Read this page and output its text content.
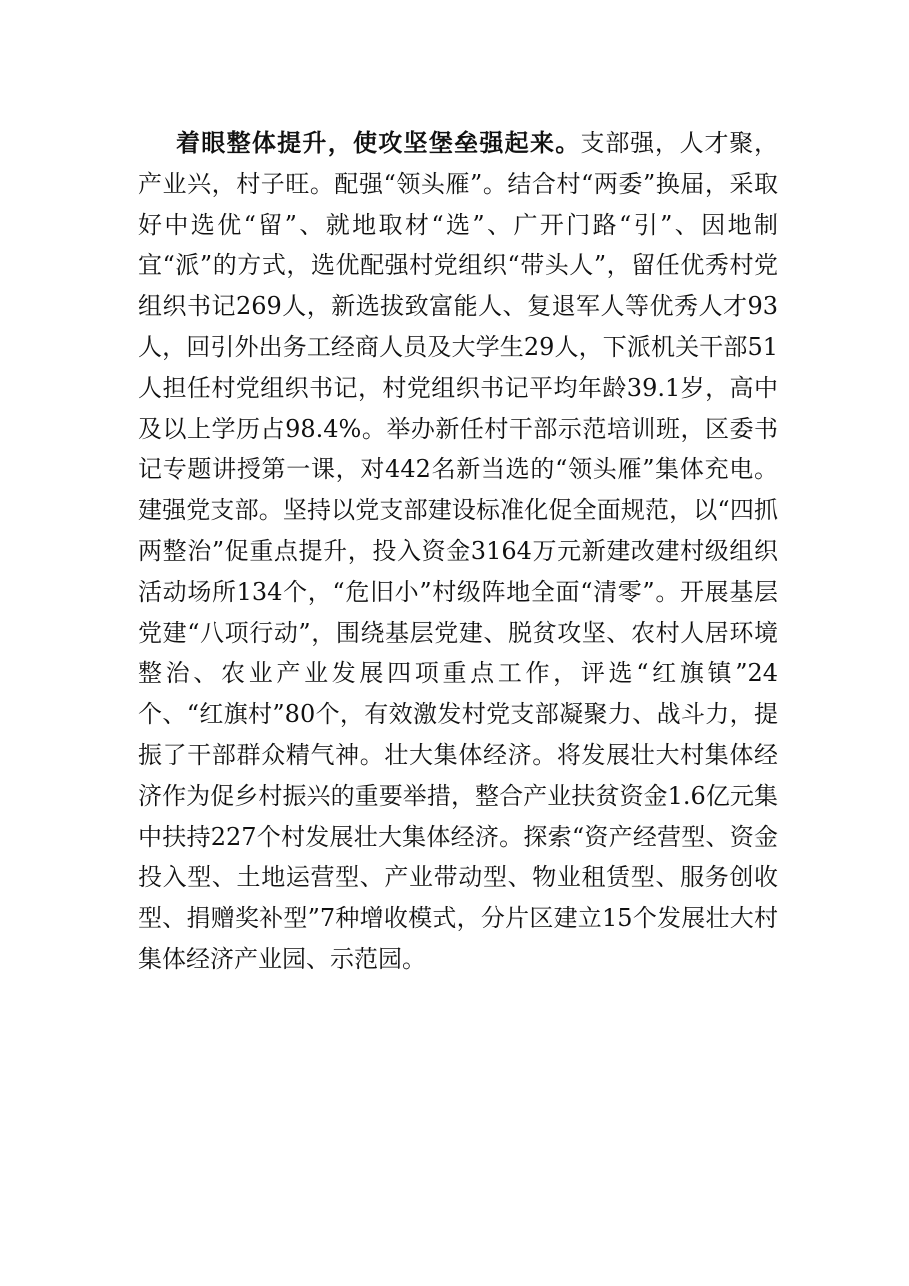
着眼整体提升，使攻坚堡垒强起来。支部强，人才聚，产业兴，村子旺。配强“领头雁”。结合村“两委”换届，采取好中选优“留”、就地取材“选”、广开门路“引”、因地制宜“派”的方式，选优配强村党组织“带头人”，留任优秀村党组织书记269人，新选拔致富能人、复退军人等优秀人才93人，回引外出务工经商人员及大学生29人，下派机关干部51人担任村党组织书记，村党组织书记平均年龄39.1岁，高中及以上学历占98.4%。举办新任村干部示范培训班，区委书记专题讲授第一课，对442名新当选的“领头雁”集体充电。建强党支部。坚持以党支部建设标准化促全面规范，以“四抓两整治”促重点提升，投入资金3164万元新建改建村级组织活动场所134个，“危旧小”村级阵地全面“清零”。开展基层党建“八项行动”，围绕基层党建、脱贫攻坚、农村人居环境整治、农业产业发展四项重点工作，评选“红旗镇”24个、“红旗村”80个，有效激发村党支部凝聚力、战斗力，提振了干部群众精气神。壮大集体经济。将发展壮大村集体经济作为促乡村振兴的重要举措，整合产业扶贫资金1.6亿元集中扶持227个村发展壮大集体经济。探索“资产经营型、资金投入型、土地运营型、产业带动型、物业租赁型、服务创收型、捐赠奖补型”7种增收模式，分片区建立15个发展壮大村集体经济产业园、示范园。
